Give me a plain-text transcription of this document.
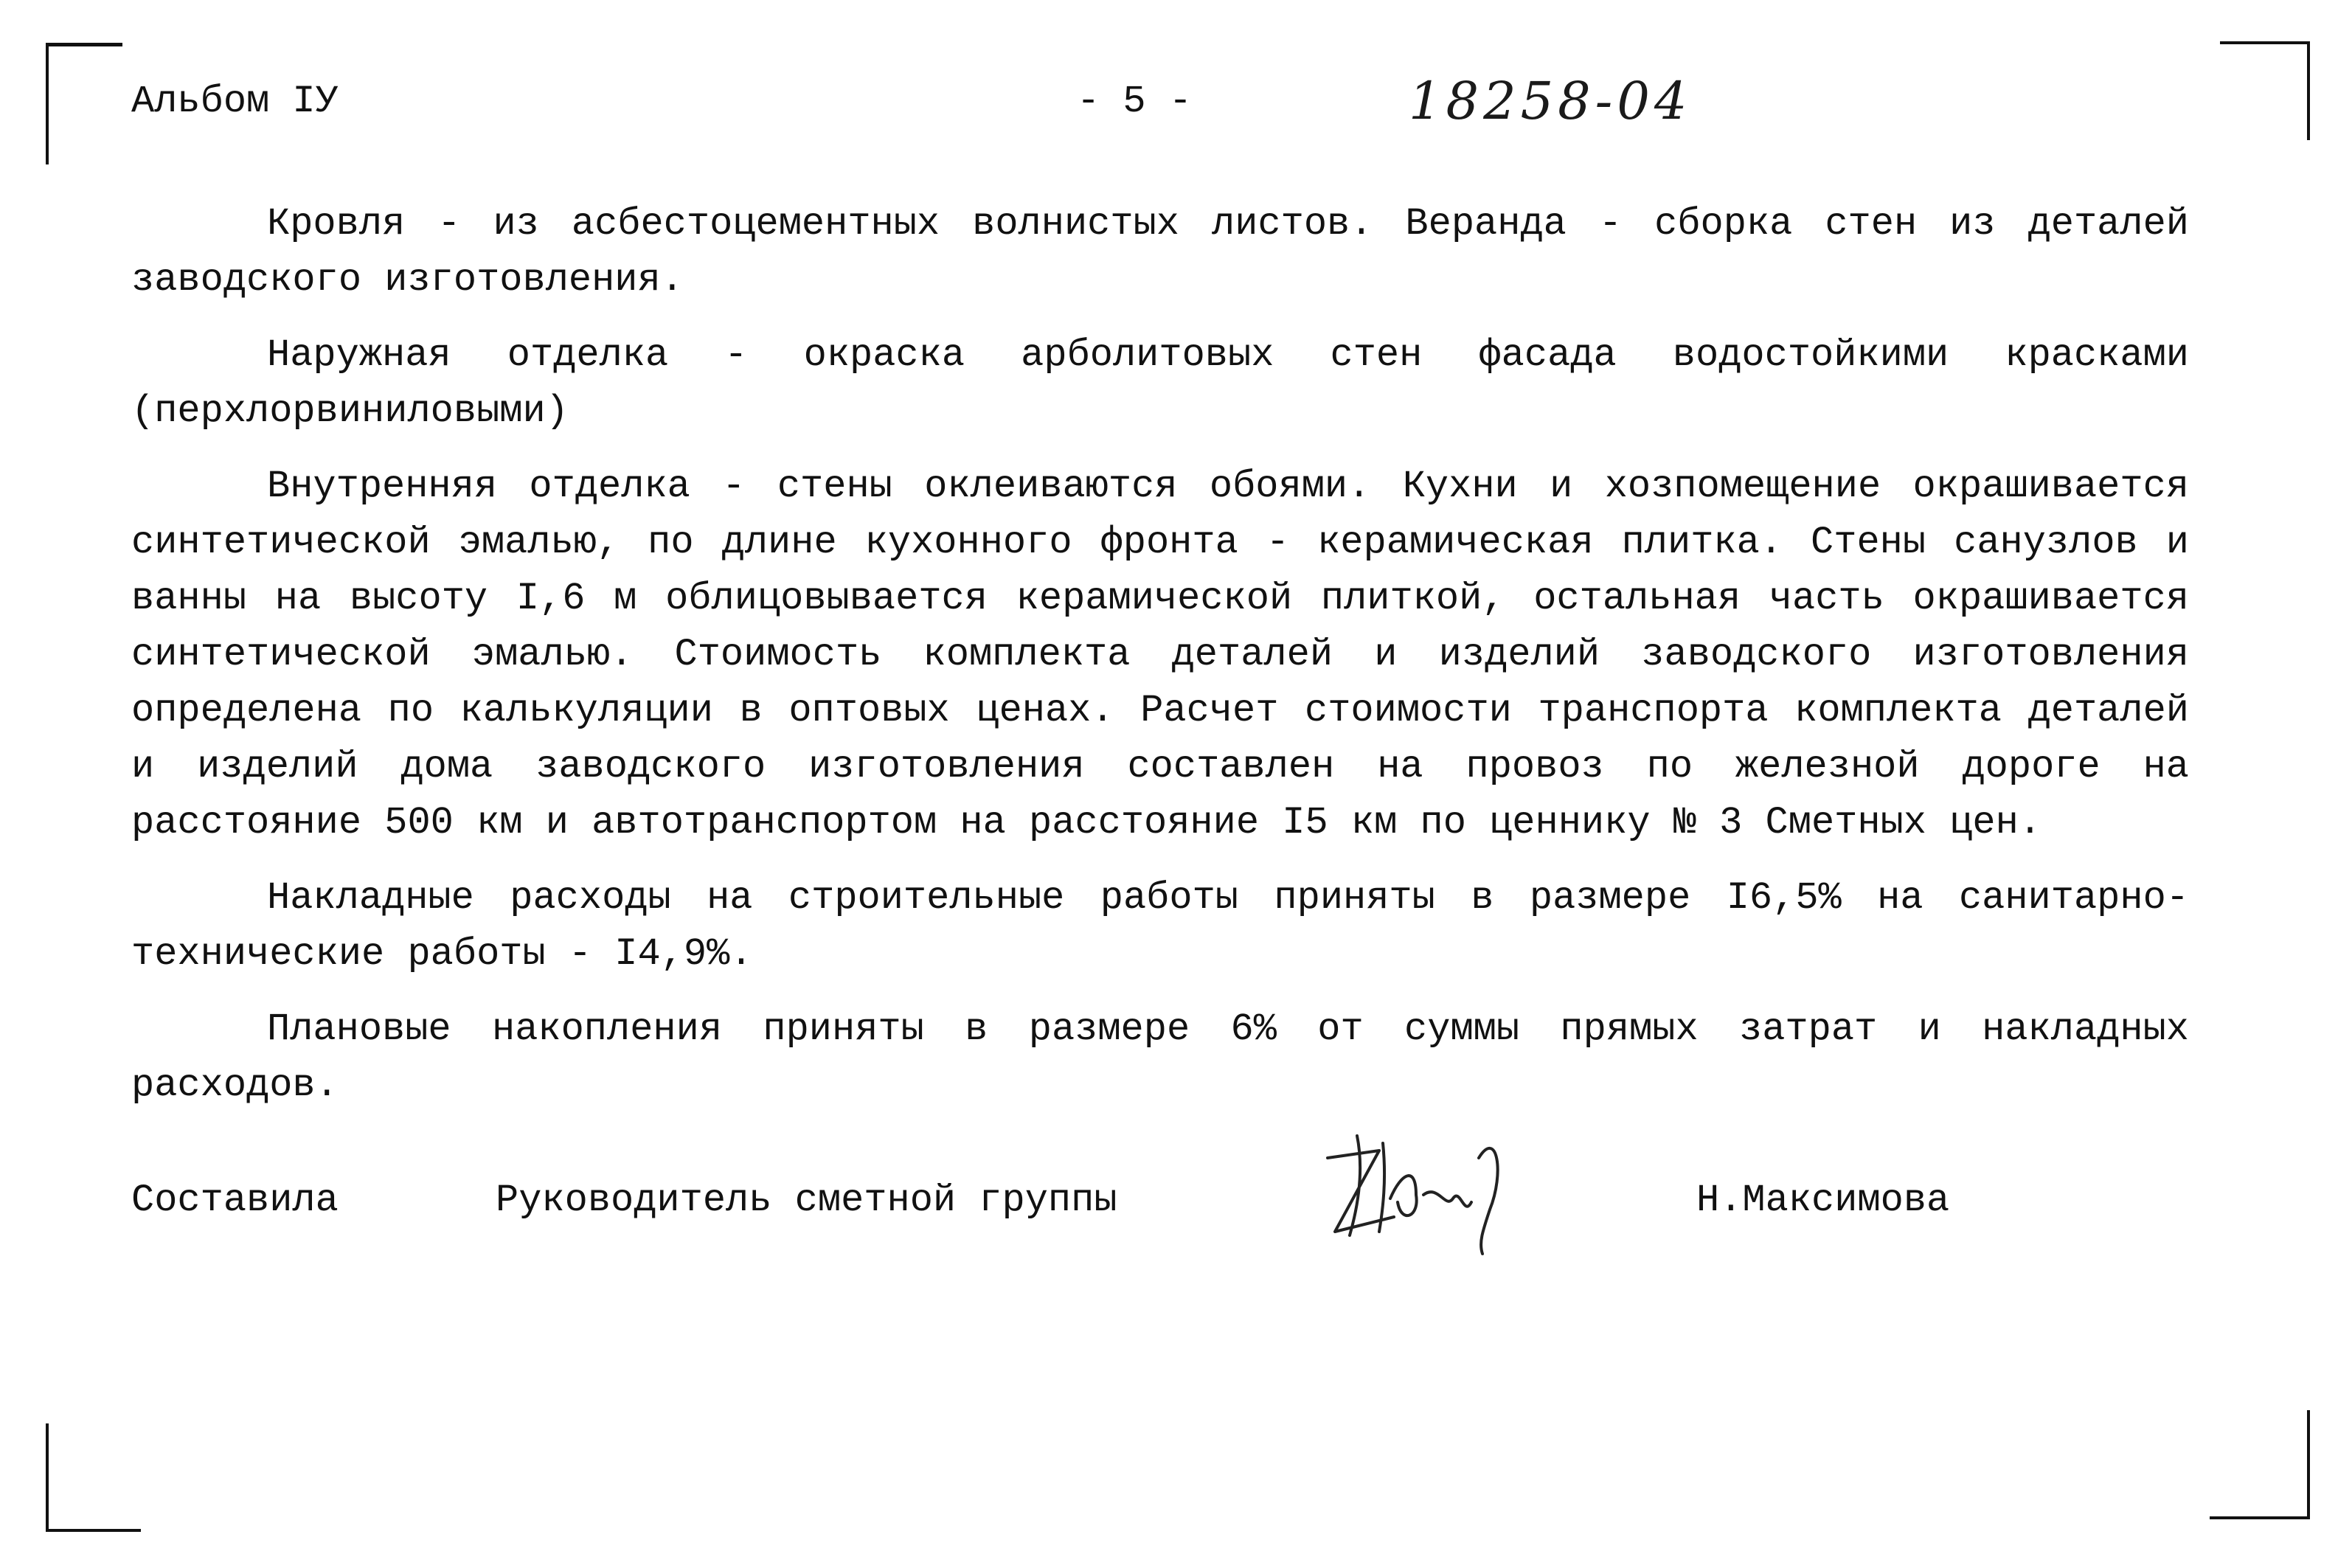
Альбом IУ	- 5 -	18258-04

Кровля - из асбестоцементных волнистых листов. Веранда - сборка стен из деталей заводского изготовления.

Наружная отделка - окраска арболитовых стен фасада водостойкими красками (перхлорвиниловыми)

Внутренняя отделка - стены оклеиваются обоями. Кухни и хозпомещение окрашивается синтетической эмалью, по длине кухонного фронта - керамическая плитка. Стены санузлов и ванны на высоту I,6 м облицовывается керамической плиткой, остальная часть окрашивается синтетической эмалью. Стоимость комплекта деталей и изделий заводского изготовления определена по калькуляции в оптовых ценах. Расчет стоимости транспорта комплекта деталей и изделий дома заводского изготовления составлен на провоз по железной дороге на расстояние 500 км и автотранспортом на расстояние I5 км по ценнику № 3 Сметных цен.

Накладные расходы на строительные работы приняты в размере I6,5% на санитарно-технические работы - I4,9%.

Плановые накопления приняты в размере 6% от суммы прямых затрат и накладных расходов.

Составила	Руководитель сметной группы	Н.Максимова
